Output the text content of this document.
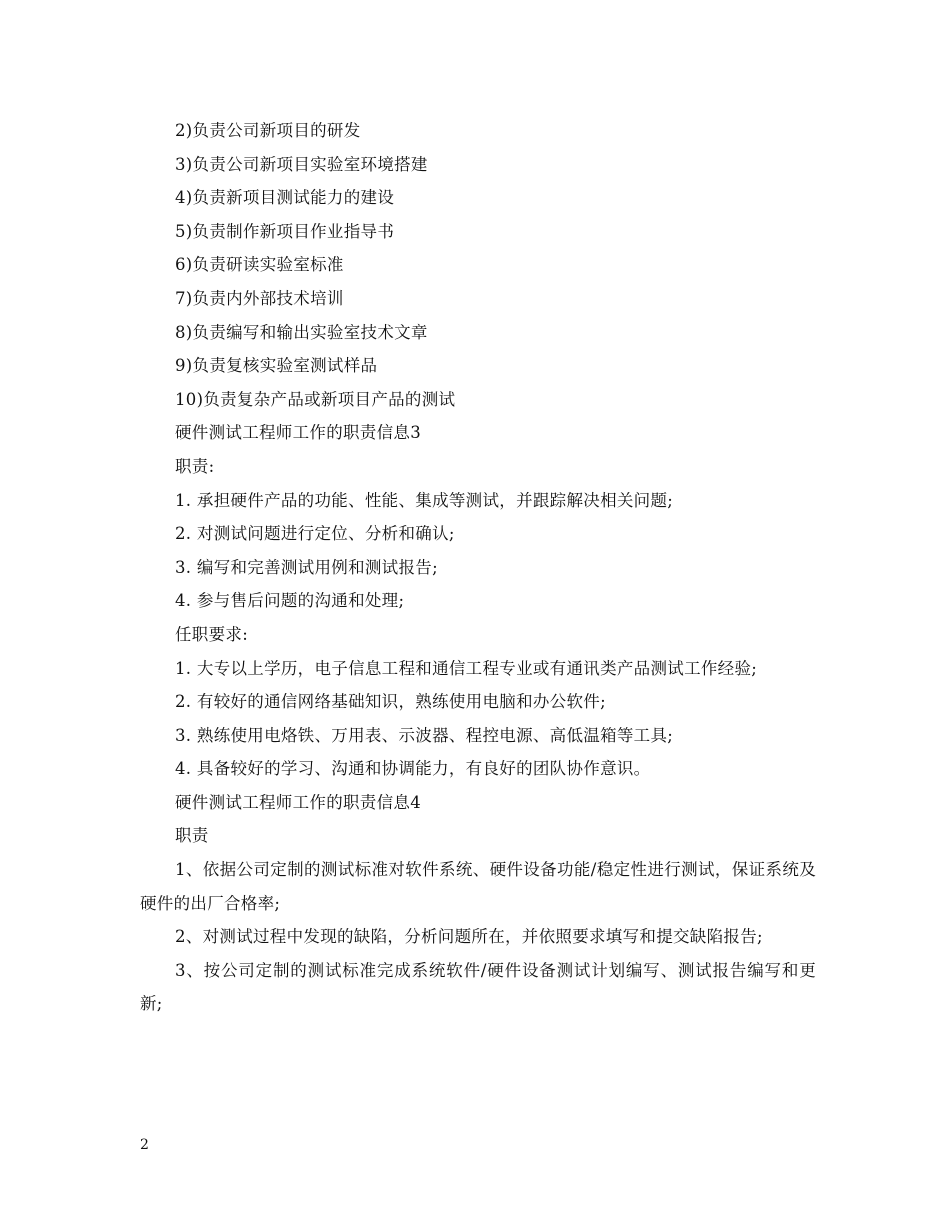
2)负责公司新项目的研发

3)负责公司新项目实验室环境搭建

4)负责新项目测试能力的建设

5)负责制作新项目作业指导书

6)负责研读实验室标准

7)负责内外部技术培训

8)负责编写和输出实验室技术文章

9)负责复核实验室测试样品

10)负责复杂产品或新项目产品的测试

硬件测试工程师工作的职责信息3

职责:

1. 承担硬件产品的功能、性能、集成等测试，并跟踪解决相关问题;

2. 对测试问题进行定位、分析和确认;

3. 编写和完善测试用例和测试报告;

4. 参与售后问题的沟通和处理;

任职要求:

1. 大专以上学历，电子信息工程和通信工程专业或有通讯类产品测试工作经验;

2. 有较好的通信网络基础知识，熟练使用电脑和办公软件;

3. 熟练使用电烙铁、万用表、示波器、程控电源、高低温箱等工具;

4. 具备较好的学习、沟通和协调能力，有良好的团队协作意识。

硬件测试工程师工作的职责信息4

职责

1、依据公司定制的测试标准对软件系统、硬件设备功能/稳定性进行测试，保证系统及硬件的出厂合格率;

2、对测试过程中发现的缺陷，分析问题所在，并依照要求填写和提交缺陷报告;

3、按公司定制的测试标准完成系统软件/硬件设备测试计划编写、测试报告编写和更新;

2
